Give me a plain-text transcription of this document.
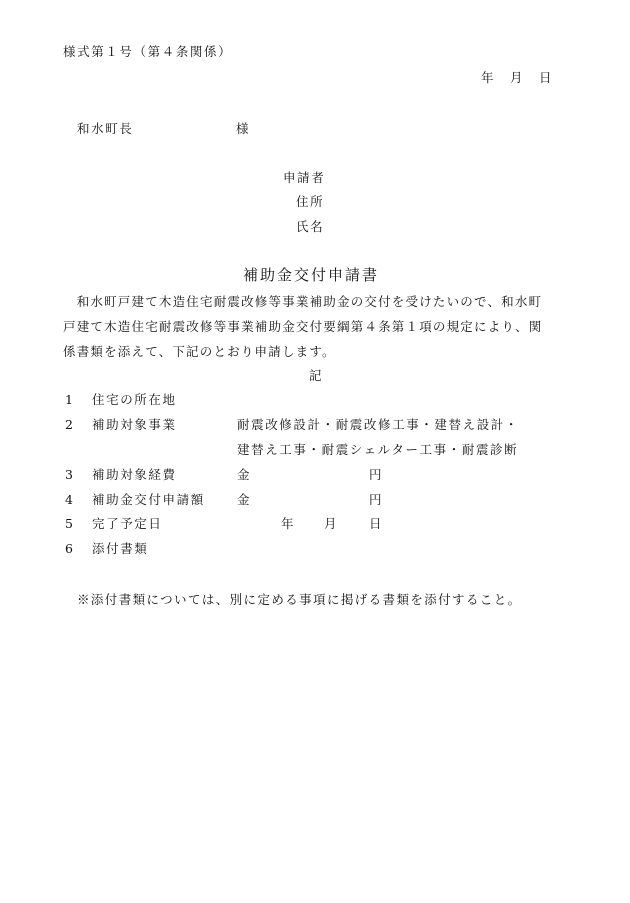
様式第１号（第４条関係）
年 月 日
和水町長	様
申請者
住所
氏名
補助金交付申請書
　和水町戸建て木造住宅耐震改修等事業補助金の交付を受けたいので、和水町
戸建て木造住宅耐震改修等事業補助金交付要綱第４条第１項の規定により、関
係書類を添えて、下記のとおり申請します。
記
1 住宅の所在地
2 補助対象事業	耐震改修設計・耐震改修工事・建替え設計・
建替え工事・耐震シェルター工事・耐震診断
3 補助対象経費	金	円
4 補助金交付申請額	金	円
5 完了予定日	年 月 日
6 添付書類
※添付書類については、別に定める事項に掲げる書類を添付すること。
